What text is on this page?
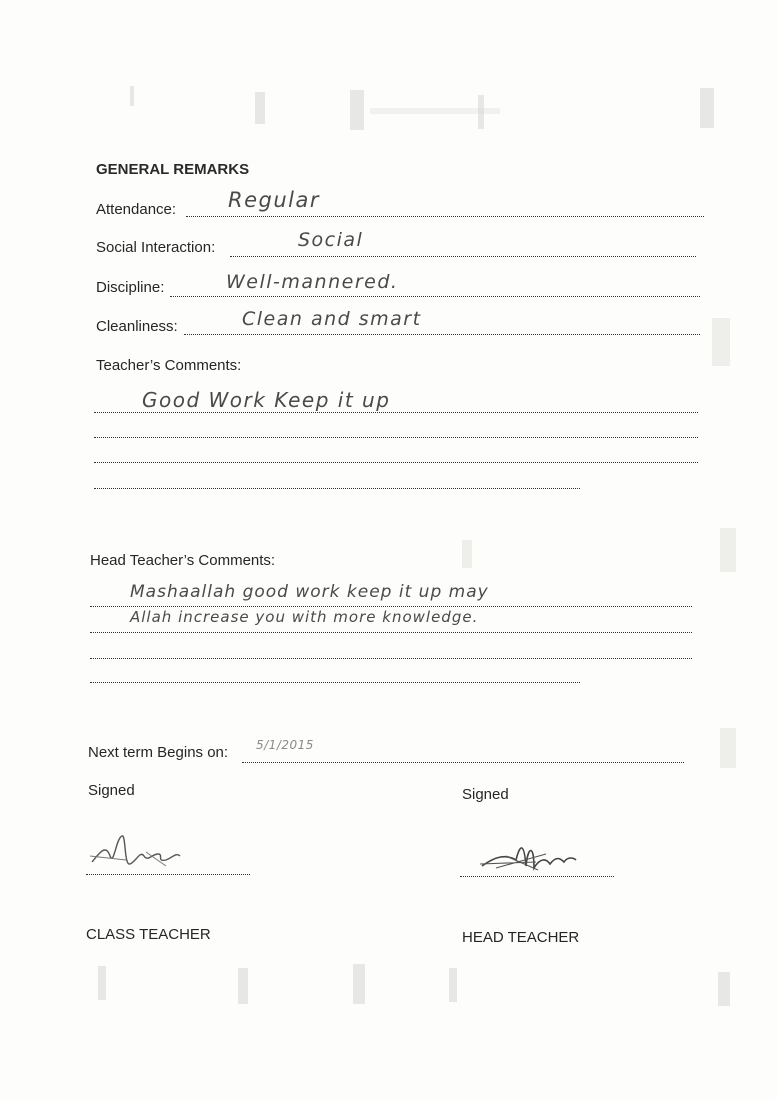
GENERAL REMARKS
Attendance: Regular
Social Interaction:	Social
Discipline:	Well-mannered.
Cleanliness:	Clean and smart
Teacher’s Comments:
Good Work Keep it up
Head Teacher’s Comments:
Mashaallah good work keep it up may
Allah increase you with more knowledge.
Next term Begins on: 5/1/2015
Signed	Signed
CLASS TEACHER	HEAD TEACHER
